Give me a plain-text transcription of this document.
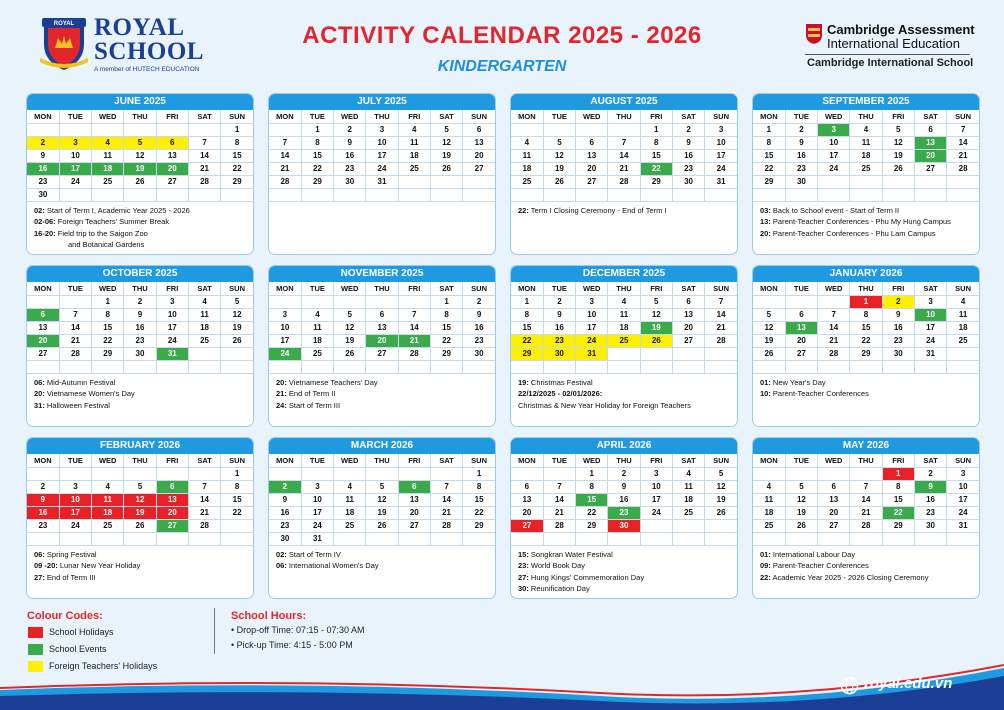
ROYAL ROYAL
SCHOOL
A member of HUTECH EDUCATION
ACTIVITY CALENDAR 2025 - 2026
KINDERGARTEN
Cambridge Assessment
International Education
Cambridge International School
JUNE 2025
MON	TUE	WED	THU	FRI	SAT	SUN
						1
2	3	4	5	6	7	8
9	10	11	12	13	14	15
16	17	18	19	20	21	22
23	24	25	26	27	28	29
30						
02: Start of Term I, Academic Year 2025 - 2026
02-06: Foreign Teachers' Summer Break
16-20: Field trip to the Saigon Zoo
and Botanical Gardens
JULY 2025
MON	TUE	WED	THU	FRI	SAT	SUN
	1	2	3	4	5	6
7	8	9	10	11	12	13
14	15	16	17	18	19	20
21	22	23	24	25	26	27
28	29	30	31			

AUGUST 2025
MON	TUE	WED	THU	FRI	SAT	SUN
				1	2	3
4	5	6	7	8	9	10
11	12	13	14	15	16	17
18	19	20	21	22	23	24
25	26	27	28	29	30	31

22: Term I Closing Ceremony - End of Term I
SEPTEMBER 2025
MON	TUE	WED	THU	FRI	SAT	SUN
1	2	3	4	5	6	7
8	9	10	11	12	13	14
15	16	17	18	19	20	21
22	23	24	25	26	27	28
29	30					

03: Back to School event - Start of Term II
13: Parent-Teacher Conferences - Phu My Hung Campus
20: Parent-Teacher Conferences - Phu Lam Campus
OCTOBER 2025
MON	TUE	WED	THU	FRI	SAT	SUN
		1	2	3	4	5
6	7	8	9	10	11	12
13	14	15	16	17	18	19
20	21	22	23	24	25	26
27	28	29	30	31		

06: Mid-Autumn Festival
20: Vietnamese Women's Day
31: Halloween Festival
NOVEMBER 2025
MON	TUE	WED	THU	FRI	SAT	SUN
					1	2
3	4	5	6	7	8	9
10	11	12	13	14	15	16
17	18	19	20	21	22	23
24	25	26	27	28	29	30

20: Vietnamese Teachers' Day
21: End of Term II
24: Start of Term III
DECEMBER 2025
MON	TUE	WED	THU	FRI	SAT	SUN
1	2	3	4	5	6	7
8	9	10	11	12	13	14
15	16	17	18	19	20	21
22	23	24	25	26	27	28
29	30	31				

19: Christmas Festival
22/12/2025 - 02/01/2026:
Christmas & New Year Holiday for Foreign Teachers
JANUARY 2026
MON	TUE	WED	THU	FRI	SAT	SUN
			1	2	3	4
5	6	7	8	9	10	11
12	13	14	15	16	17	18
19	20	21	22	23	24	25
26	27	28	29	30	31	

01: New Year's Day
10: Parent-Teacher Conferences
FEBRUARY 2026
MON	TUE	WED	THU	FRI	SAT	SUN
						1
2	3	4	5	6	7	8
9	10	11	12	13	14	15
16	17	18	19	20	21	22
23	24	25	26	27	28	

06: Spring Festival
09 -20: Lunar New Year Holiday
27: End of Term III
MARCH 2026
MON	TUE	WED	THU	FRI	SAT	SUN
						1
2	3	4	5	6	7	8
9	10	11	12	13	14	15
16	17	18	19	20	21	22
23	24	25	26	27	28	29
30	31					
02: Start of Term IV
06: International Women's Day
APRIL 2026
MON	TUE	WED	THU	FRI	SAT	SUN
		1	2	3	4	5
6	7	8	9	10	11	12
13	14	15	16	17	18	19
20	21	22	23	24	25	26
27	28	29	30			

15: Songkran Water Festival
23: World Book Day
27: Hung Kings' Commemoration Day
30: Reunification Day
MAY 2026
MON	TUE	WED	THU	FRI	SAT	SUN
				1	2	3
4	5	6	7	8	9	10
11	12	13	14	15	16	17
18	19	20	21	22	23	24
25	26	27	28	29	30	31

01: International Labour Day
09: Parent-Teacher Conferences
22: Academic Year 2025 - 2026 Closing Ceremony
Colour Codes:
School Holidays
School Events
Foreign Teachers' Holidays
School Hours:
• Drop-off Time: 07:15 - 07:30 AM
• Pick-up Time: 4:15 - 5:00 PM
royal.edu.vn
